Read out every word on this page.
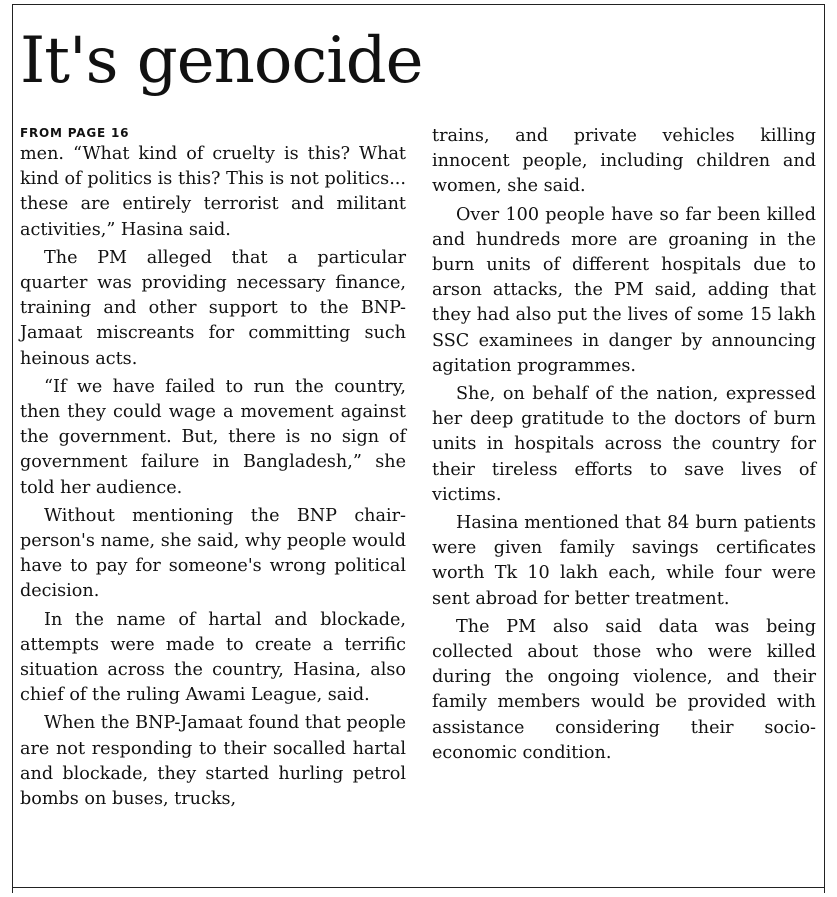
It's genocide
FROM PAGE 16

men. “What kind of cruelty is this? What kind of politics is this? This is not politics... these are entirely terrorist and militant activities,” Hasina said.

The PM alleged that a particular quarter was providing necessary finance, training and other support to the BNP-Jamaat miscreants for committing such heinous acts.

“If we have failed to run the country, then they could wage a movement against the government. But, there is no sign of government failure in Bangladesh,” she told her audience.

Without mentioning the BNP chairperson's name, she said, why people would have to pay for someone's wrong political decision.

In the name of hartal and blockade, attempts were made to create a terrific situation across the country, Hasina, also chief of the ruling Awami League, said.

When the BNP-Jamaat found that people are not responding to their socalled hartal and blockade, they started hurling petrol bombs on buses, trucks,

trains, and private vehicles killing innocent people, including children and women, she said.

Over 100 people have so far been killed and hundreds more are groaning in the burn units of different hospitals due to arson attacks, the PM said, adding that they had also put the lives of some 15 lakh SSC examinees in danger by announcing agitation programmes.

She, on behalf of the nation, expressed her deep gratitude to the doctors of burn units in hospitals across the country for their tireless efforts to save lives of victims.

Hasina mentioned that 84 burn patients were given family savings certificates worth Tk 10 lakh each, while four were sent abroad for better treatment.

The PM also said data was being collected about those who were killed during the ongoing violence, and their family members would be provided with assistance considering their socio-economic condition.
